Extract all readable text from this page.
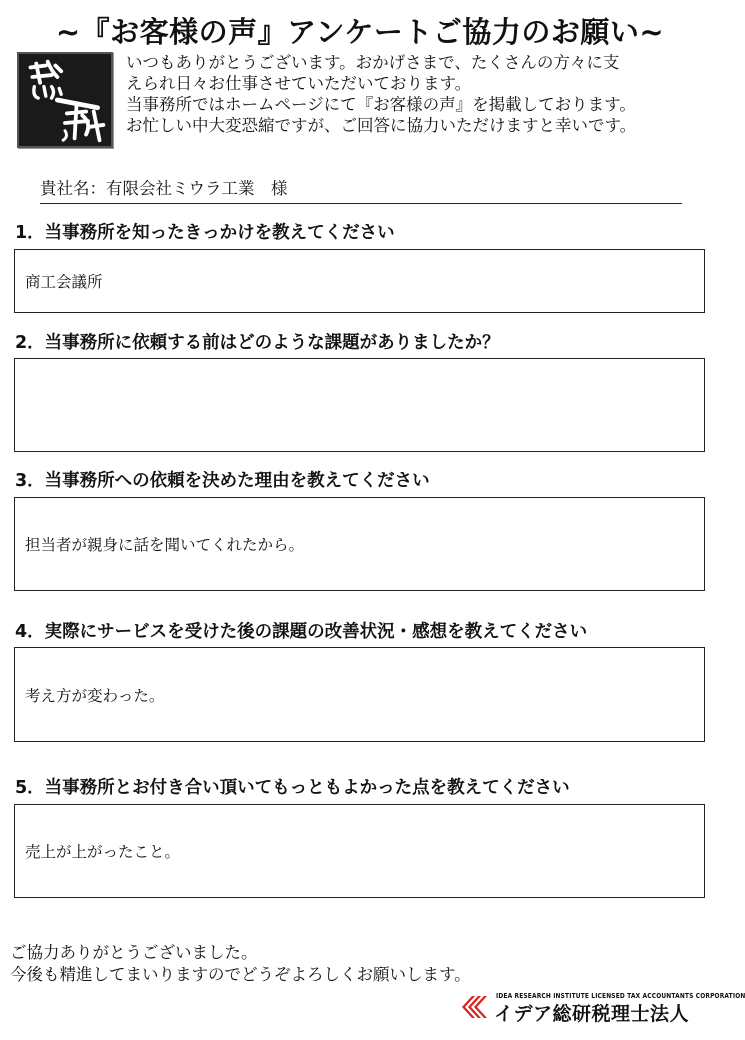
~『お客様の声』アンケートご協力のお願い~
いつもありがとうございます。おかげさまで、たくさんの方々に支
えられ日々お仕事させていただいております。
当事務所ではホームページにて『お客様の声』を掲載しております。
お忙しい中大変恐縮ですが、ご回答に協力いただけますと幸いです。
貴社名：有限会社ミウラ工業　様
1．当事務所を知ったきっかけを教えてください
商工会議所
2．当事務所に依頼する前はどのような課題がありましたか？
3．当事務所への依頼を決めた理由を教えてください
担当者が親身に話を聞いてくれたから。
4．実際にサービスを受けた後の課題の改善状況・感想を教えてください
考え方が変わった。
5．当事務所とお付き合い頂いてもっともよかった点を教えてください
売上が上がったこと。
ご協力ありがとうございました。
今後も精進してまいりますのでどうぞよろしくお願いします。
IDEA RESEARCH INSTITUTE LICENSED TAX ACCOUNTANTS CORPORATION
イデア総研税理士法人
